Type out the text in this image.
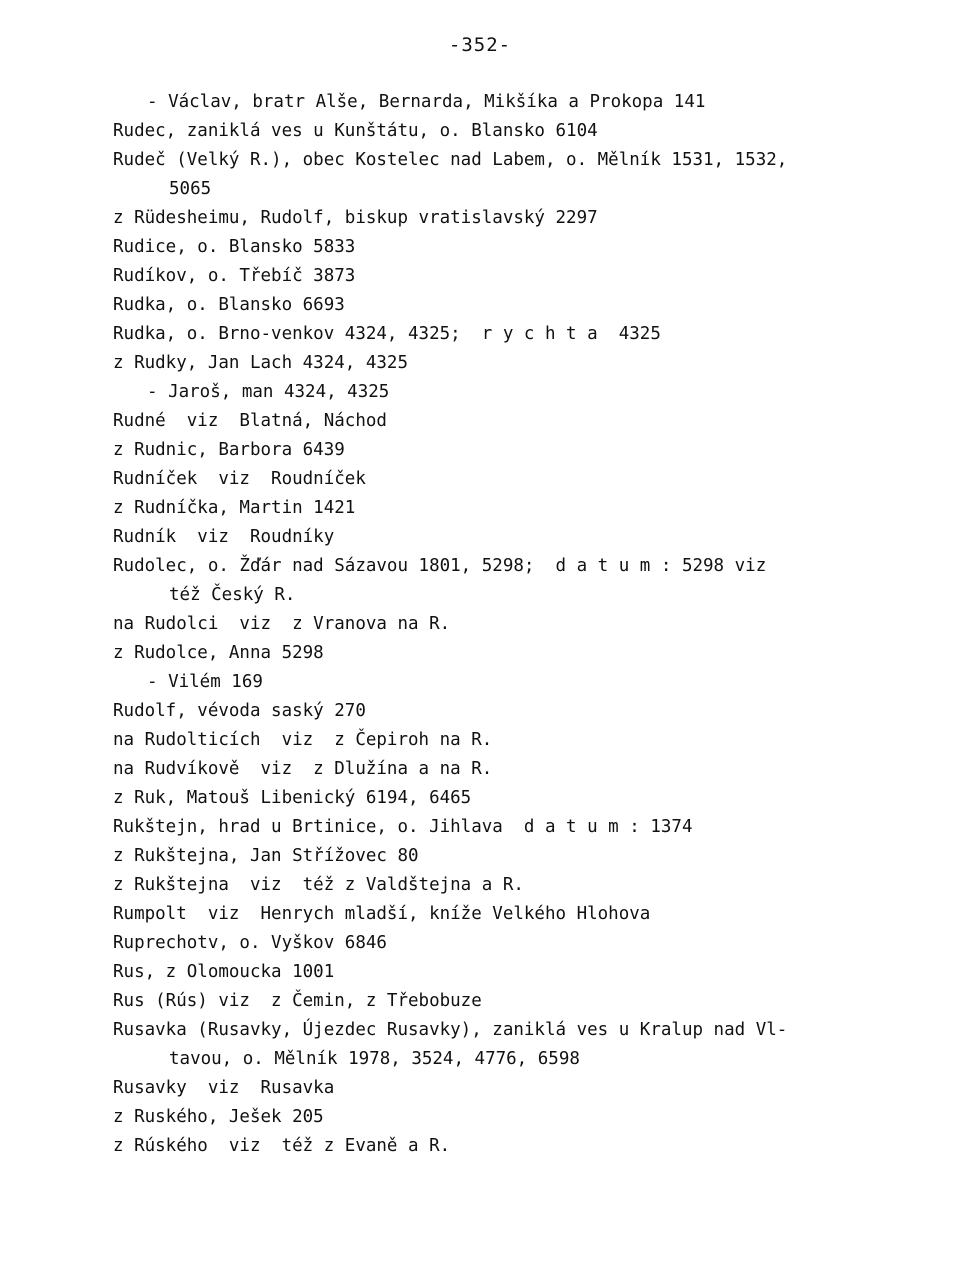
-352-
- Václav, bratr Alše, Bernarda, Mikšíka a Prokopa 141
Rudec, zaniklá ves u Kunštátu, o. Blansko 6104
Rudeč (Velký R.), obec Kostelec nad Labem, o. Mělník 1531, 1532,
5065
z Rüdesheimu, Rudolf, biskup vratislavský 2297
Rudice, o. Blansko 5833
Rudíkov, o. Třebíč 3873
Rudka, o. Blansko 6693
Rudka, o. Brno-venkov 4324, 4325;  r y c h t a  4325
z Rudky, Jan Lach 4324, 4325
- Jaroš, man 4324, 4325
Rudné  viz  Blatná, Náchod
z Rudnic, Barbora 6439
Rudníček  viz  Roudníček
z Rudníčka, Martin 1421
Rudník  viz  Roudníky
Rudolec, o. Žďár nad Sázavou 1801, 5298;  d a t u m : 5298 viz
též Český R.
na Rudolci  viz  z Vranova na R.
z Rudolce, Anna 5298
- Vilém 169
Rudolf, vévoda saský 270
na Rudolticích  viz  z Čepiroh na R.
na Rudvíkově  viz  z Dlužína a na R.
z Ruk, Matouš Libenický 6194, 6465
Rukštejn, hrad u Brtinice, o. Jihlava  d a t u m : 1374
z Rukštejna, Jan Střížovec 80
z Rukštejna  viz  též z Valdštejna a R.
Rumpolt  viz  Henrych mladší, kníže Velkého Hlohova
Ruprechotv, o. Vyškov 6846
Rus, z Olomoucka 1001
Rus (Rús) viz  z Čemin, z Třebobuze
Rusavka (Rusavky, Újezdec Rusavky), zaniklá ves u Kralup nad Vl-
tavou, o. Mělník 1978, 3524, 4776, 6598
Rusavky  viz  Rusavka
z Ruského, Ješek 205
z Rúského  viz  též z Evaně a R.
